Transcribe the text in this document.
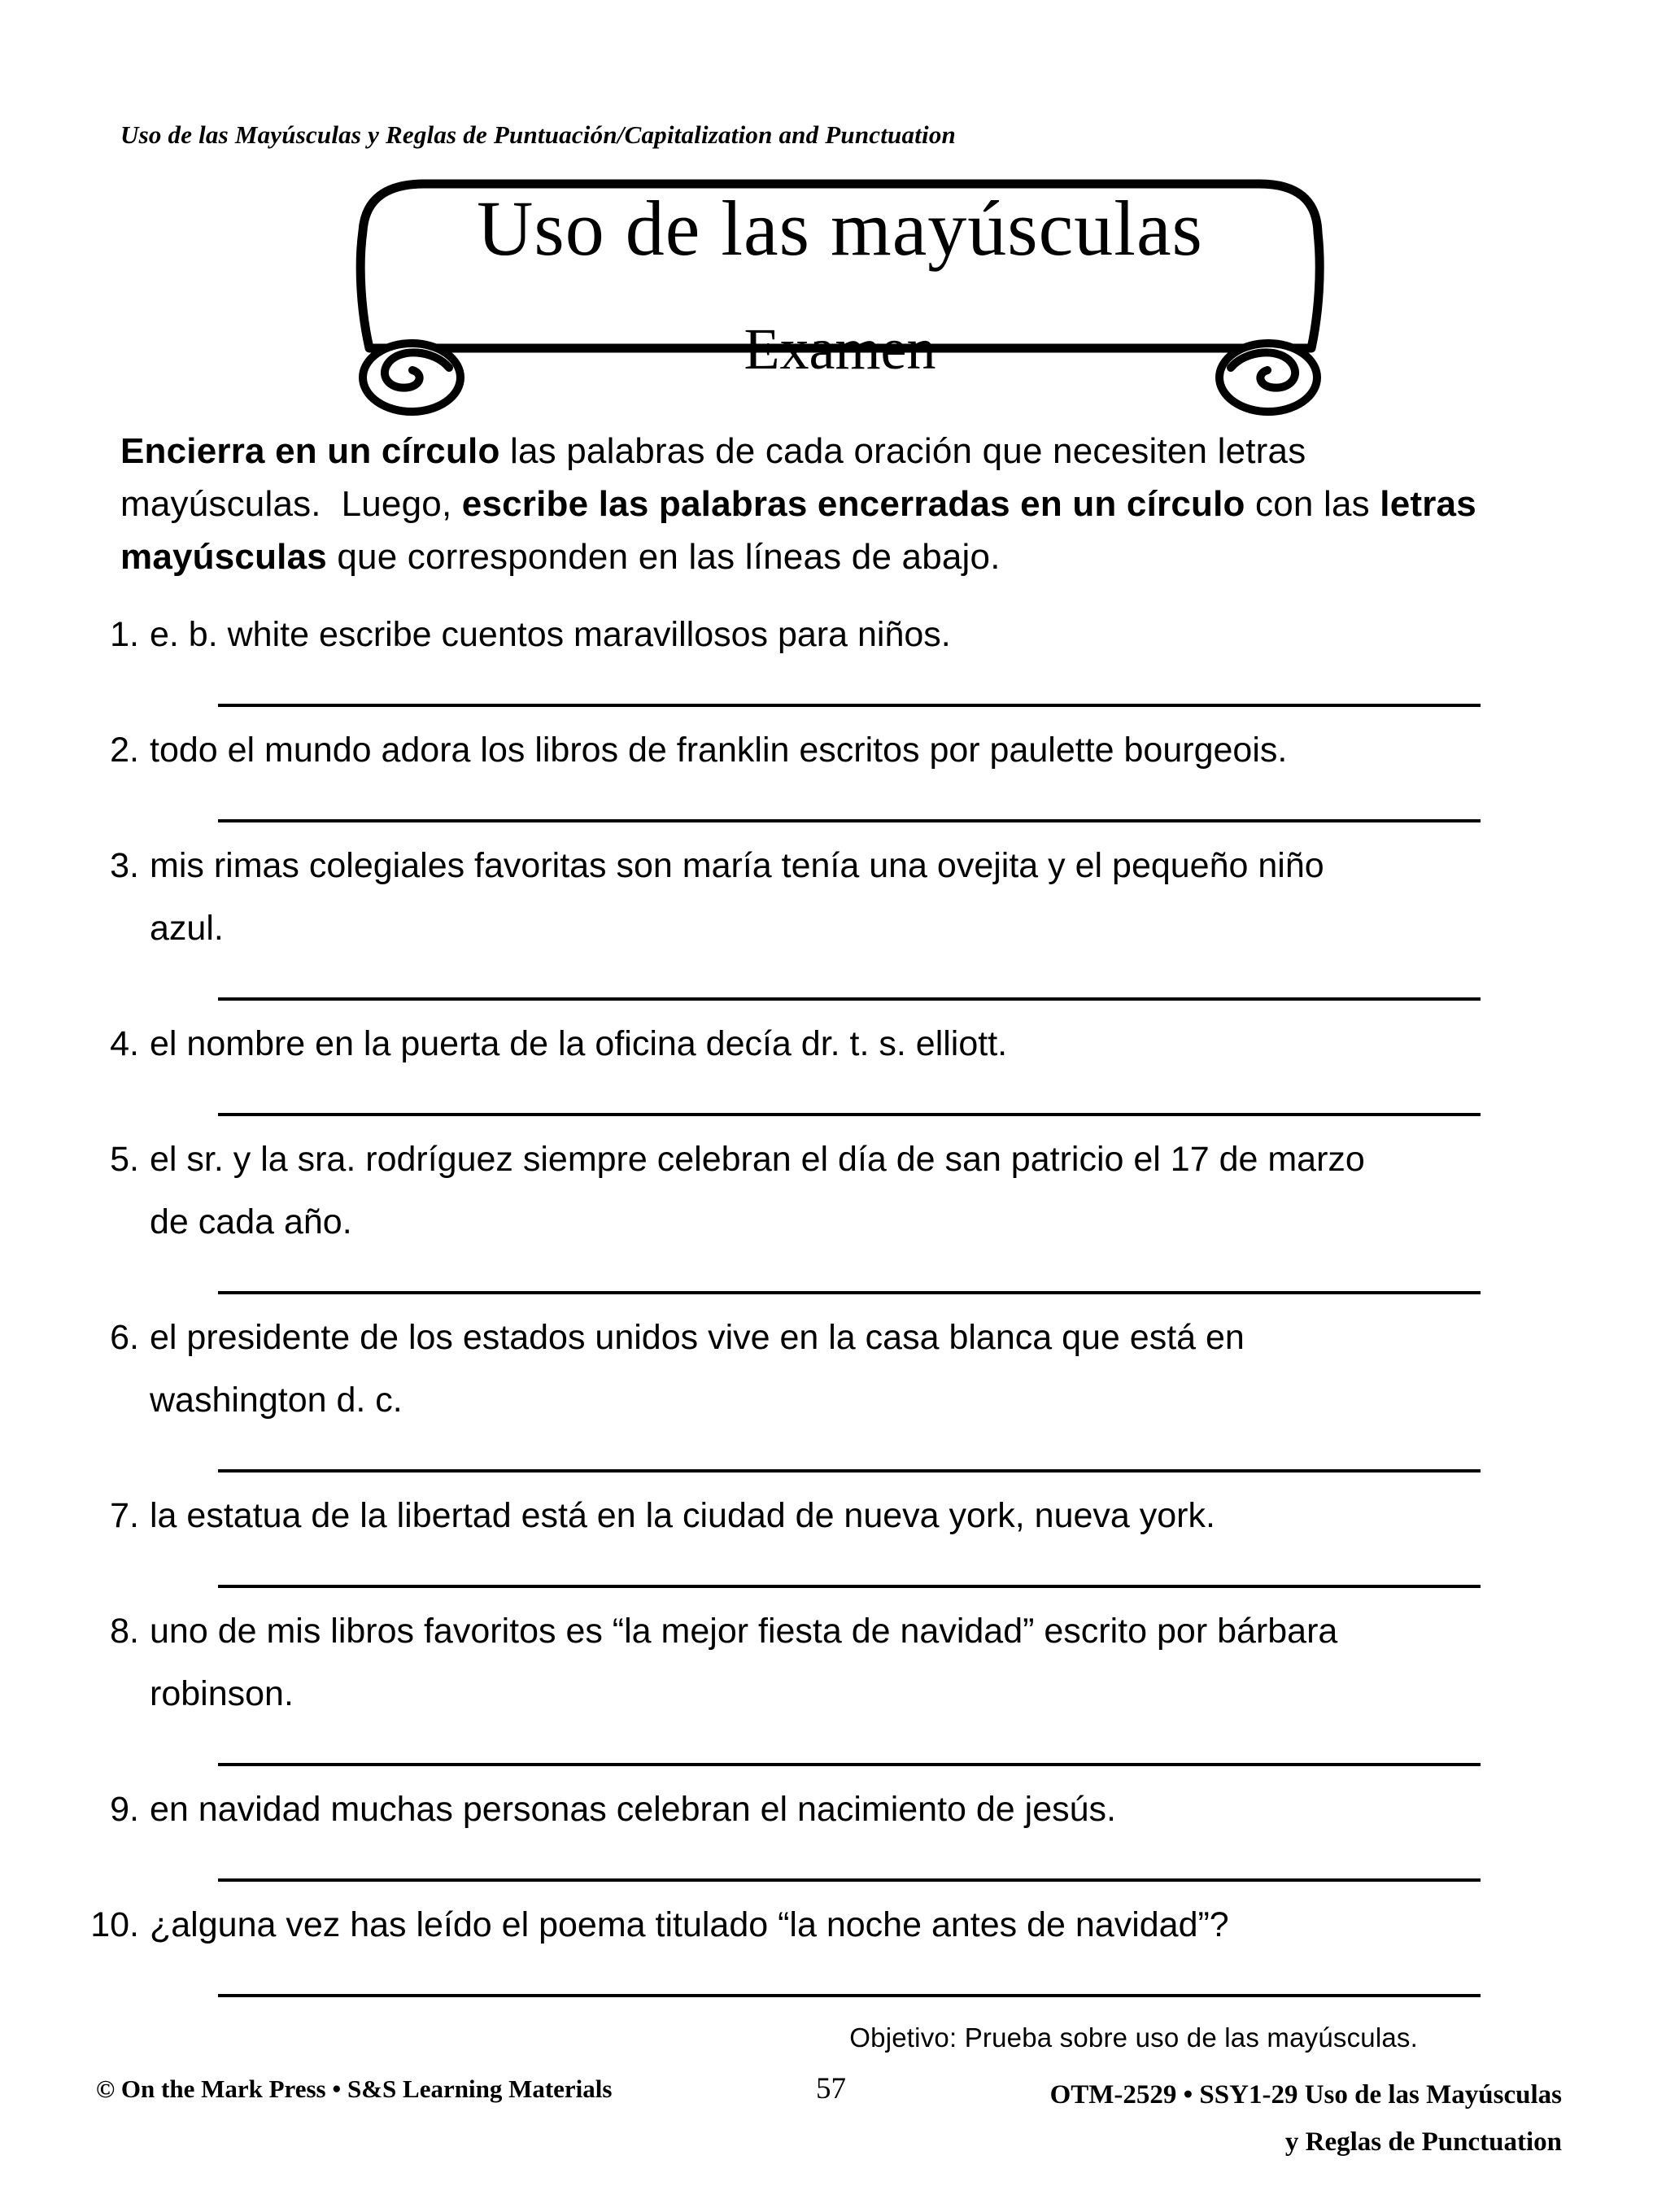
Uso de las Mayúsculas y Reglas de Puntuación/Capitalization and Punctuation
Uso de las mayúsculas
Examen
Encierra en un círculo las palabras de cada oración que necesiten letras
mayúsculas.  Luego, escribe las palabras encerradas en un círculo con las letras
mayúsculas que corresponden en las líneas de abajo.
1. e. b. white escribe cuentos maravillosos para niños.
2. todo el mundo adora los libros de franklin escritos por paulette bourgeois.
3. mis rimas colegiales favoritas son maría tenía una ovejita y el pequeño niño
azul.
4. el nombre en la puerta de la oficina decía dr. t. s. elliott.
5. el sr. y la sra. rodríguez siempre celebran el día de san patricio el 17 de marzo
de cada año.
6. el presidente de los estados unidos vive en la casa blanca que está en
washington d. c.
7. la estatua de la libertad está en la ciudad de nueva york, nueva york.
8. uno de mis libros favoritos es “la mejor fiesta de navidad” escrito por bárbara
robinson.
9. en navidad muchas personas celebran el nacimiento de jesús.
10. ¿alguna vez has leído el poema titulado “la noche antes de navidad”?
Objetivo: Prueba sobre uso de las mayúsculas.
© On the Mark Press • S&S Learning Materials	57	OTM-2529 • SSY1-29 Uso de las Mayúsculas
y Reglas de Punctuation
